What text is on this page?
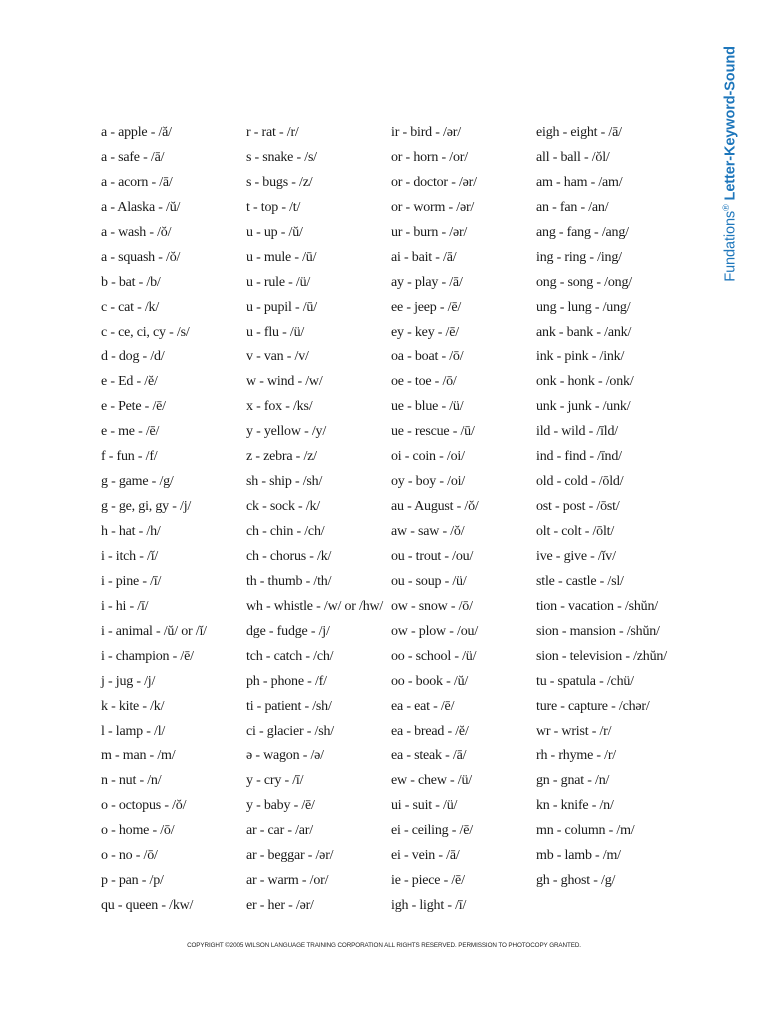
Fundations® Letter-Keyword-Sound
a - apple - /ă/
a - safe - /ā/
a - acorn - /ā/
a - Alaska - /ŭ/
a - wash - /ŏ/
a - squash - /ŏ/
b - bat - /b/
c - cat - /k/
c - ce, ci, cy - /s/
d - dog - /d/
e - Ed - /ĕ/
e - Pete - /ē/
e - me - /ē/
f - fun - /f/
g - game - /g/
g - ge, gi, gy - /j/
h - hat - /h/
i - itch - /ĭ/
i - pine - /ī/
i - hi - /ī/
i - animal - /ŭ/ or /ĭ/
i - champion - /ē/
j - jug - /j/
k - kite - /k/
l - lamp - /l/
m - man - /m/
n - nut - /n/
o - octopus - /ŏ/
o - home - /ō/
o - no - /ō/
p - pan - /p/
qu - queen - /kw/
r - rat - /r/
s - snake - /s/
s - bugs - /z/
t - top - /t/
u - up - /ŭ/
u - mule - /ū/
u - rule - /ü/
u - pupil - /ū/
u - flu - /ü/
v - van - /v/
w - wind - /w/
x - fox - /ks/
y - yellow - /y/
z - zebra - /z/
sh - ship - /sh/
ck - sock - /k/
ch - chin - /ch/
ch - chorus - /k/
th - thumb - /th/
wh - whistle - /w/ or /hw/
dge - fudge - /j/
tch - catch - /ch/
ph - phone - /f/
ti - patient - /sh/
ci - glacier - /sh/
ə - wagon - /ə/
y - cry - /ī/
y - baby - /ē/
ar - car - /ar/
ar - beggar - /ər/
ar - warm - /or/
er - her - /ər/
ir - bird - /ər/
or - horn - /or/
or - doctor - /ər/
or - worm - /ər/
ur - burn - /ər/
ai - bait - /ā/
ay - play - /ā/
ee - jeep - /ē/
ey - key - /ē/
oa - boat - /ō/
oe - toe - /ō/
ue - blue - /ü/
ue - rescue - /ū/
oi - coin - /oi/
oy - boy - /oi/
au - August - /ŏ/
aw - saw - /ŏ/
ou - trout - /ou/
ou - soup - /ü/
ow - snow - /ō/
ow - plow - /ou/
oo - school - /ü/
oo - book - /ŭ/
ea - eat - /ē/
ea - bread - /ĕ/
ea - steak - /ā/
ew - chew - /ü/
ui - suit - /ü/
ei - ceiling - /ē/
ei - vein - /ā/
ie - piece - /ē/
igh - light - /ī/
eigh - eight - /ā/
all - ball - /ŏl/
am - ham - /am/
an - fan - /an/
ang - fang - /ang/
ing - ring - /ing/
ong - song - /ong/
ung - lung - /ung/
ank - bank - /ank/
ink - pink - /ink/
onk - honk - /onk/
unk - junk - /unk/
ild - wild - /īld/
ind - find - /īnd/
old - cold - /ōld/
ost - post - /ōst/
olt - colt - /ōlt/
ive - give - /ĭv/
stle - castle - /sl/
tion - vacation - /shŭn/
sion - mansion - /shŭn/
sion - television - /zhŭn/
tu - spatula - /chü/
ture - capture - /chər/
wr - wrist - /r/
rh - rhyme - /r/
gn - gnat - /n/
kn - knife - /n/
mn - column - /m/
mb - lamb - /m/
gh - ghost - /g/
COPYRIGHT ©2005 WILSON LANGUAGE TRAINING CORPORATION ALL RIGHTS RESERVED. PERMISSION TO PHOTOCOPY GRANTED.
